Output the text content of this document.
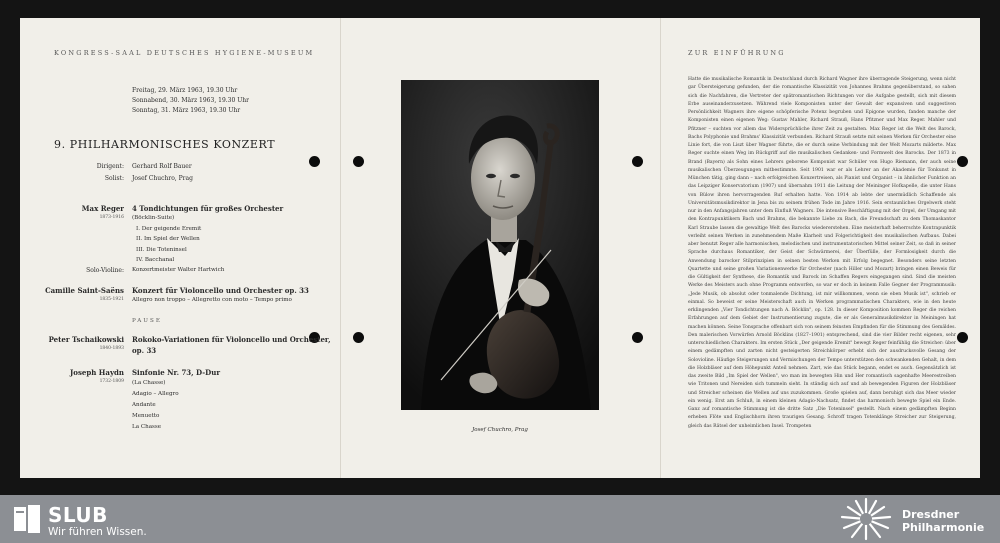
KONGRESS-SAAL DEUTSCHES HYGIENE-MUSEUM
Freitag, 29. März 1963, 19.30 Uhr
Sonnabend, 30. März 1963, 19.30 Uhr
Sonntag, 31. März 1963, 19.30 Uhr
9. PHILHARMONISCHES KONZERT
Dirigent: Gerhard Rolf Bauer
Solist: Josef Chuchro, Prag
Max Reger
1873-1916
4 Tondichtungen für großes Orchester
(Böcklin-Suite)
I. Der geigende Eremit
II. Im Spiel der Wellen
III. Die Toteninsel
IV. Bacchanal
Solo-Violine: Konzertmeister Walter Hartwich
Camille Saint-Saëns
1835-1921
Konzert für Violoncello und Orchester op. 33
Allegro non troppo – Allegretto con moto – Tempo primo
PAUSE
Peter Tschaikowski
1840-1893
Rokoko-Variationen für Violoncello und Orchester,
op. 33
Joseph Haydn
1732-1809
Sinfonie Nr. 73, D-Dur
(La Chasse)
Adagio – Allegro
Andante
Menuetto
La Chasse	Josef Chuchro, Prag
ZUR EINFÜHRUNG
Hatte die musikalische Romantik in Deutschland durch Richard Wagner ihre überragende Steigerung, wenn nicht gar Übersteigerung gefunden, der die romantische Klassizität von Johannes Brahms gegenüberstand, so sahen sich die Nachfahren, die Vertreter der spätromantischen Richtungen vor die Aufgabe gestellt, sich mit diesem Erbe auseinanderzusetzen. Während viele Komponisten unter der Gewalt der expansiven und suggestiven Persönlichkeit Wagners ihre eigene schöpferische Potenz begruben und Epigone wurden, fanden manche der Komponisten einen eigenen Weg: Gustav Mahler, Richard Strauß, Hans Pfitzner und Max Reger. Mahler und Pfitzner – suchten vor allem das Widersprüchliche ihrer Zeit zu gestalten. Max Reger ist die Welt des Barock, Bachs Polyphonie und Brahms' Klassizität verbunden. Richard Strauß setzte mit seinen Werken für Orchester eine Linie fort, die von Liszt über Wagner führte, die er durch seine Verbindung mit der Welt Mozarts milderte. Max Reger suchte einen Weg im Rückgriff auf die musikalischen Gedanken- und Formwelt des Barocks. Der 1873 in Brand (Bayern) als Sohn eines Lehrers geborene Komponist war Schüler von Hugo Riemann, der auch seine musikalischen Überzeugungen mitbestimmte. Seit 1901 war er als Lehrer an der Akademie für Tonkunst in München tätig, ging dann – nach erfolgreichen Konzertreisen, als Pianist und Organist – in ähnlicher Funktion an das Leipziger Konservatorium (1907) und übernahm 1911 die Leitung der Meininger Hofkapelle, die unter Hans von Bülow ihren hervorragenden Ruf erhalten hatte. Von 1914 ab lebte der unermüdlich Schaffende als Universitätsmusikdirektor in Jena bis zu seinem frühen Tode im Jahre 1916. Sein erstaunliches Orgelwerk steht nur in den Anfangsjahren unter dem Einfluß Wagners. Die intensive Beschäftigung mit der Orgel, der Umgang mit den Kontrapunktikern Bach und Brahms, die bekannte Liebe zu Bach, die Freundschaft zu dem Thomaskantor Karl Straube lassen die gewaltige Welt des Barocks wiedererstehen. Eine meisterhaft beherrschte Kontrapunktik verleiht seinen Werken in zunehmendem Maße Klarheit und Folgerichtigkeit des musikalischen Aufbaus. Dabei aber benutzt Reger alle harmonischen, melodischen und instrumentatorischen Mittel seiner Zeit, so daß in seiner Sprache durchaus Romantiker, der Geist der Schwärmerei, der Überfülle, der Formlosigkeit durch die Anwendung barocker Stilprinzipien in seinen besten Werken mit Erfolg begegnet. Besonders seine letzten Quartette und seine großen Variationenwerke für Orchester (nach Hiller und Mozart) bringen einen Beweis für die Gültigkeit der Synthese, die Romantik und Barock im Schaffen Regers eingegangen sind. Sind die meisten Werke des Meisters auch ohne Programm entworfen, so war er doch in keinem Falle Gegner der Programmusik: „Jede Musik, ob absolut oder tonmalende Dichtung, ist mir willkommen, wenn sie eben Musik ist", schrieb er einmal. So beweist er seine Meisterschaft auch in Werken programmatischen Charakters, wie in den heute erklingenden „Vier Tondichtungen nach A. Böcklin", op. 128. In dieser Komposition kommen Reger die reichen Erfahrungen auf dem Gebiet der Instrumentierung zugute, die er als Generalmusikdirektor in Meiningen hat machen können. Seine Tonsprache offenbart sich von seinem feinsten Empfinden für die Stimmung des Gemäldes. Den malerischen Vorwürfen Arnold Böcklins (1827–1901) entsprechend, sind die vier Bilder recht eigenen, sehr unterschiedlichen Charakters. Im ersten Stück „Der geigende Eremit" bewegt Reger feinfühlig die Streicher: über einem gedämpften und zarten nicht gesteigerten Streichkörper erhebt sich der ausdrucksvolle Gesang der Solovioline. Häufige Steigerungen und Vermischungen der Tempo unterstützen den schwankenden Gehalt, in dem die Holzbläser auf dem Höhepunkt Anteil nehmen. Zart, wie das Stück begann, endet es auch. Gegensätzlich ist das zweite Bild „Im Spiel der Wellen", wo man im bewegten Hin und Her romantisch sagenhafte Meerestreiben wie Tritonen und Nereiden sich tummeln sieht. In ständig sich auf und ab bewegenden Figuren der Holzbläser und Streicher scheinen die Wellen auf uns zuzukommen. Große spielen auf, dann beruhigt sich das Meer wieder ein wenig. Erst am Schluß, in einem kleinen Adagio-Nachsatz, findet das harmonisch bewegte Spiel ein Ende. Ganz auf romantische Stimmung ist die dritte Satz „Die Toteninsel" gestellt. Nach einem gedämpften Beginn erheben Flöte und Englischhorn ihren traurigen Gesang. Schroff tragen Totenklänge Streicher zur Steigerung, gleich das Rätsel der unheimlichen Insel. Trompeten
SLUB
Wir führen Wissen.
Dresdner
Philharmonie
